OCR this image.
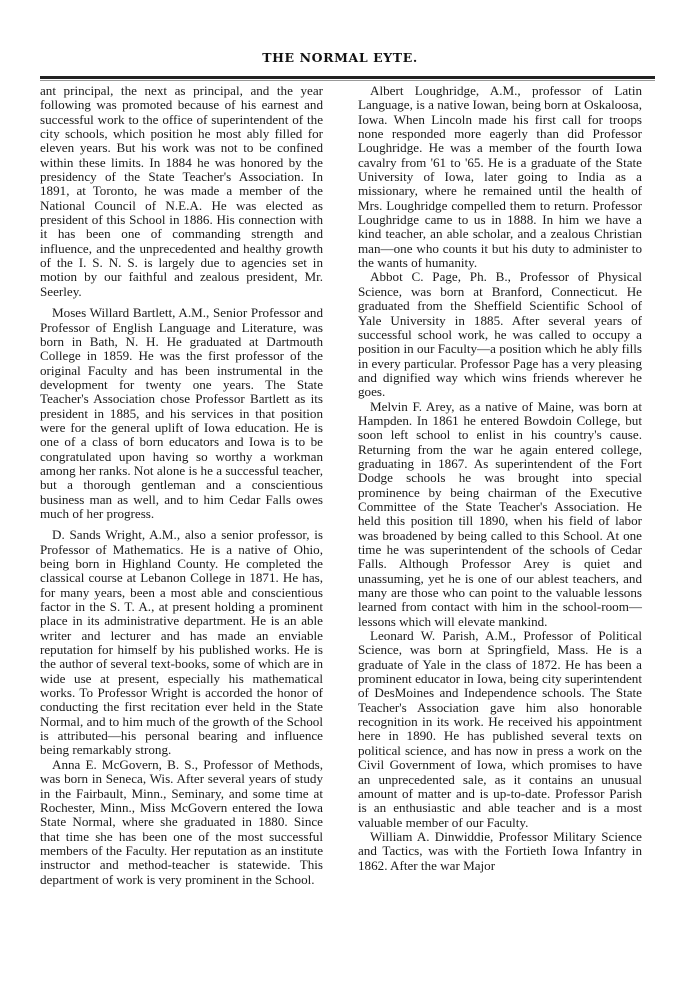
THE NORMAL EYTE.

ant principal, the next as principal, and the year following was promoted because of his earnest and successful work to the office of superintendent of the city schools, which position he most ably filled for eleven years. But his work was not to be confined within these limits. In 1884 he was honored by the presidency of the State Teacher's Association. In 1891, at Toronto, he was made a member of the National Council of N.E.A. He was elected as president of this School in 1886. His connection with it has been one of commanding strength and influence, and the unprecedented and healthy growth of the I. S. N. S. is largely due to agencies set in motion by our faithful and zealous president, Mr. Seerley.

Moses Willard Bartlett, A.M., Senior Professor and Professor of English Language and Literature, was born in Bath, N. H. He graduated at Dartmouth College in 1859. He was the first professor of the original Faculty and has been instrumental in the development for twenty one years. The State Teacher's Association chose Professor Bartlett as its president in 1885, and his services in that position were for the general uplift of Iowa education. He is one of a class of born educators and Iowa is to be congratulated upon having so worthy a workman among her ranks. Not alone is he a successful teacher, but a thorough gentleman and a conscientious business man as well, and to him Cedar Falls owes much of her progress.

D. Sands Wright, A.M., also a senior professor, is Professor of Mathematics. He is a native of Ohio, being born in Highland County. He completed the classical course at Lebanon College in 1871. He has, for many years, been a most able and conscientious factor in the S. T. A., at present holding a prominent place in its administrative department. He is an able writer and lecturer and has made an enviable reputation for himself by his published works. He is the author of several text-books, some of which are in wide use at present, especially his mathematical works. To Professor Wright is accorded the honor of conducting the first recitation ever held in the State Normal, and to him much of the growth of the School is attributed—his personal bearing and influence being remarkably strong.

Anna E. McGovern, B. S., Professor of Methods, was born in Seneca, Wis. After several years of study in the Fairbault, Minn., Seminary, and some time at Rochester, Minn., Miss McGovern entered the Iowa State Normal, where she graduated in 1880. Since that time she has been one of the most successful members of the Faculty. Her reputation as an institute instructor and method-teacher is statewide. This department of work is very prominent in the School.

Albert Loughridge, A.M., professor of Latin Language, is a native Iowan, being born at Oskaloosa, Iowa. When Lincoln made his first call for troops none responded more eagerly than did Professor Loughridge. He was a member of the fourth Iowa cavalry from '61 to '65. He is a graduate of the State University of Iowa, later going to India as a missionary, where he remained until the health of Mrs. Loughridge compelled them to return. Professor Loughridge came to us in 1888. In him we have a kind teacher, an able scholar, and a zealous Christian man—one who counts it but his duty to administer to the wants of humanity.

Abbot C. Page, Ph. B., Professor of Physical Science, was born at Branford, Connecticut. He graduated from the Sheffield Scientific School of Yale University in 1885. After several years of successful school work, he was called to occupy a position in our Faculty—a position which he ably fills in every particular. Professor Page has a very pleasing and dignified way which wins friends wherever he goes.

Melvin F. Arey, as a native of Maine, was born at Hampden. In 1861 he entered Bowdoin College, but soon left school to enlist in his country's cause. Returning from the war he again entered college, graduating in 1867. As superintendent of the Fort Dodge schools he was brought into special prominence by being chairman of the Executive Committee of the State Teacher's Association. He held this position till 1890, when his field of labor was broadened by being called to this School. At one time he was superintendent of the schools of Cedar Falls. Although Professor Arey is quiet and unassuming, yet he is one of our ablest teachers, and many are those who can point to the valuable lessons learned from contact with him in the school-room— lessons which will elevate mankind.

Leonard W. Parish, A.M., Professor of Political Science, was born at Springfield, Mass. He is a graduate of Yale in the class of 1872. He has been a prominent educator in Iowa, being city superintendent of DesMoines and Independence schools. The State Teacher's Association gave him also honorable recognition in its work. He received his appointment here in 1890. He has published several texts on political science, and has now in press a work on the Civil Government of Iowa, which promises to have an unprecedented sale, as it contains an unusual amount of matter and is up-to-date. Professor Parish is an enthusiastic and able teacher and is a most valuable member of our Faculty.

William A. Dinwiddie, Professor Military Science and Tactics, was with the Fortieth Iowa Infantry in 1862. After the war Major
